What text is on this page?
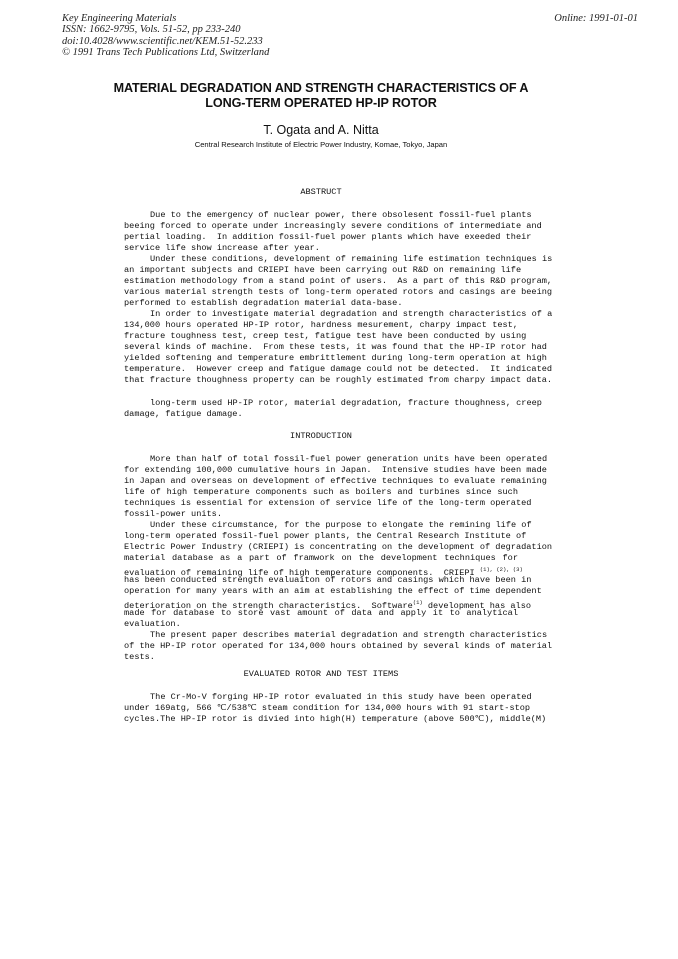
Key Engineering Materials
ISSN: 1662-9795, Vols. 51-52, pp 233-240
doi:10.4028/www.scientific.net/KEM.51-52.233
© 1991 Trans Tech Publications Ltd, Switzerland
Online: 1991-01-01
MATERIAL DEGRADATION AND STRENGTH CHARACTERISTICS OF A
LONG-TERM OPERATED HP-IP ROTOR
T. Ogata and A. Nitta
Central Research Institute of Electric Power Industry, Komae, Tokyo, Japan
ABSTRUCT
Due to the emergency of nuclear power, there obsolesent fossil-fuel plants
beeing forced to operate under increasingly severe conditions of intermediate and
pertial loading.  In addition fossil-fuel power plants which have exeeded their
service life show increase after year.
Under these conditions, development of remaining life estimation techniques is
an important subjects and CRIEPI have been carrying out R&D on remaining life
estimation methodology from a stand point of users.  As a part of this R&D program,
various material strength tests of long-term operated rotors and casings are beeing
performed to establish degradation material data-base.
In order to investigate material degradation and strength characteristics of a
134,000 hours operated HP-IP rotor, hardness mesurement, charpy impact test,
fracture toughness test, creep test, fatigue test have been conducted by using
several kinds of machine.  From these tests, it was found that the HP-IP rotor had
yielded softening and temperature embrittlement during long-term operation at high
temperature.  However creep and fatigue damage could not be detected.  It indicated
that fracture thoughness property can be roughly estimated from charpy impact data.
long-term used HP-IP rotor, material degradation, fracture thoughness, creep
damage, fatigue damage.
INTRODUCTION
More than half of total fossil-fuel power generation units have been operated
for extending 100,000 cumulative hours in Japan.  Intensive studies have been made
in Japan and overseas on development of effective techniques to evaluate remaining
life of high temperature components such as boilers and turbines since such
techniques is essential for extension of service life of the long-term operated
fossil-power units.
Under these circumstance, for the purpose to elongate the remining life of
long-term operated fossil-fuel power plants, the Central Research Institute of
Electric Power Industry (CRIEPI) is concentrating on the development of degradation
material database as a part of framwork on the development techniques for
evaluation of remaining life of high temperature components.  CRIEPI $^{(1), (2), (3)}$
has been conducted strength evaluaiton of rotors and casings which have been in
operation for many years with an aim at establishing the effect of time dependent
deterioration on the strength characteristics.  Software$^{(1)}$ development has also
made for database to store vast amount of data and apply it to analytical
evaluation.
The present paper describes material degradation and strength characteristics
of the HP-IP rotor operated for 134,000 hours obtained by several kinds of material
tests.
EVALUATED ROTOR AND TEST ITEMS
The Cr-Mo-V forging HP-IP rotor evaluated in this study have been operated
under 169atg, 566 ℃/538℃ steam condition for 134,000 hours with 91 start-stop
cycles.The HP-IP rotor is divied into high(H) temperature (above 500℃), middle(M)
